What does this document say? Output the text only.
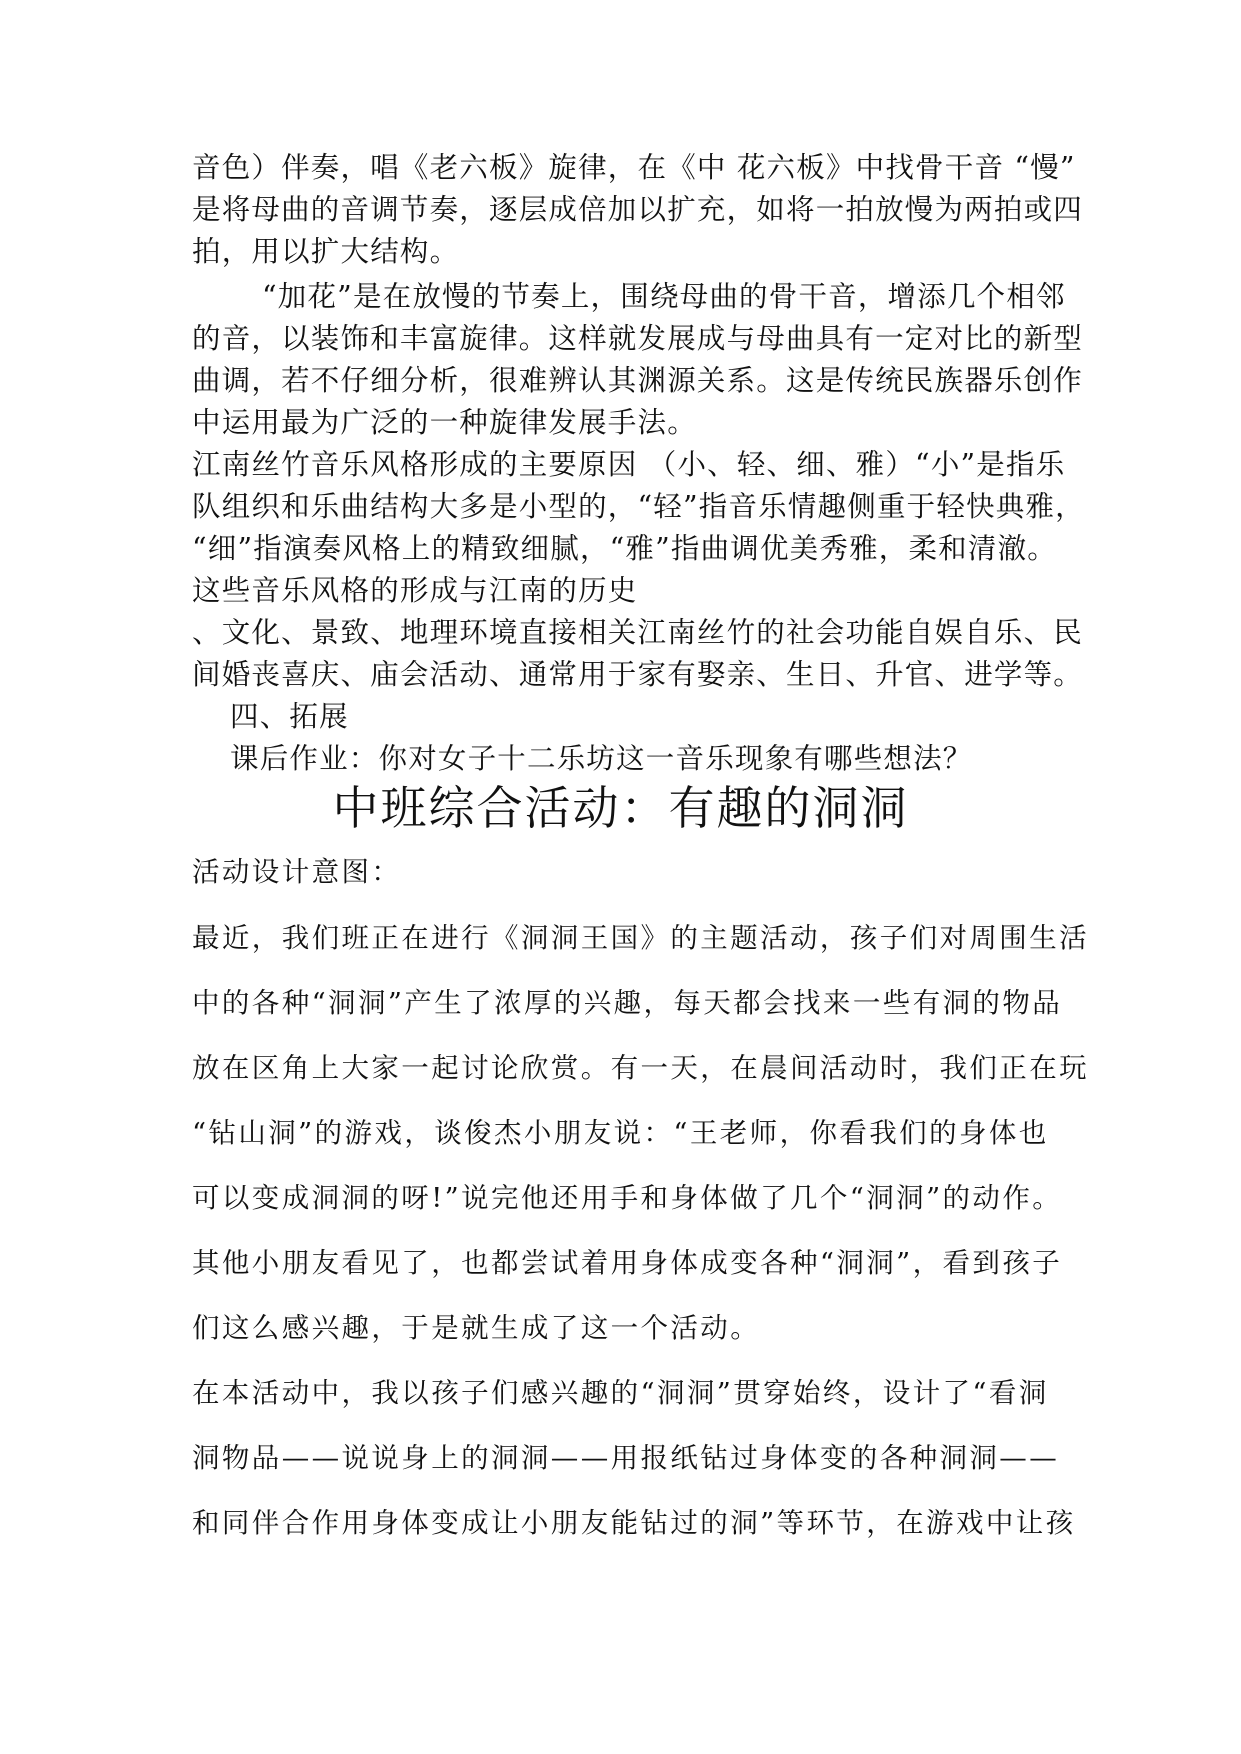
音色）伴奏，唱《老六板》旋律，在《中 花六板》中找骨干音 “慢”
是将母曲的音调节奏，逐层成倍加以扩充，如将一拍放慢为两拍或四
拍，用以扩大结构。
“加花”是在放慢的节奏上，围绕母曲的骨干音，增添几个相邻
的音，以装饰和丰富旋律。这样就发展成与母曲具有一定对比的新型
曲调，若不仔细分析，很难辨认其渊源关系。这是传统民族器乐创作
中运用最为广泛的一种旋律发展手法。
江南丝竹音乐风格形成的主要原因 （小、轻、细、雅）“小”是指乐
队组织和乐曲结构大多是小型的，“轻”指音乐情趣侧重于轻快典雅，
“细”指演奏风格上的精致细腻，“雅”指曲调优美秀雅，柔和清澈。
这些音乐风格的形成与江南的历史
、文化、景致、地理环境直接相关江南丝竹的社会功能自娱自乐、民
间婚丧喜庆、庙会活动、通常用于家有娶亲、生日、升官、进学等。
四、拓展
课后作业：你对女子十二乐坊这一音乐现象有哪些想法？
中班综合活动：有趣的洞洞
活动设计意图：
最近，我们班正在进行《洞洞王国》的主题活动，孩子们对周围生活
中的各种“洞洞”产生了浓厚的兴趣，每天都会找来一些有洞的物品
放在区角上大家一起讨论欣赏。有一天，在晨间活动时，我们正在玩
“钻山洞”的游戏，谈俊杰小朋友说：“王老师，你看我们的身体也
可以变成洞洞的呀!”说完他还用手和身体做了几个“洞洞”的动作。
其他小朋友看见了，也都尝试着用身体成变各种“洞洞”，看到孩子
们这么感兴趣，于是就生成了这一个活动。
在本活动中，我以孩子们感兴趣的“洞洞”贯穿始终，设计了“看洞
洞物品——说说身上的洞洞——用报纸钻过身体变的各种洞洞——
和同伴合作用身体变成让小朋友能钻过的洞”等环节，在游戏中让孩
